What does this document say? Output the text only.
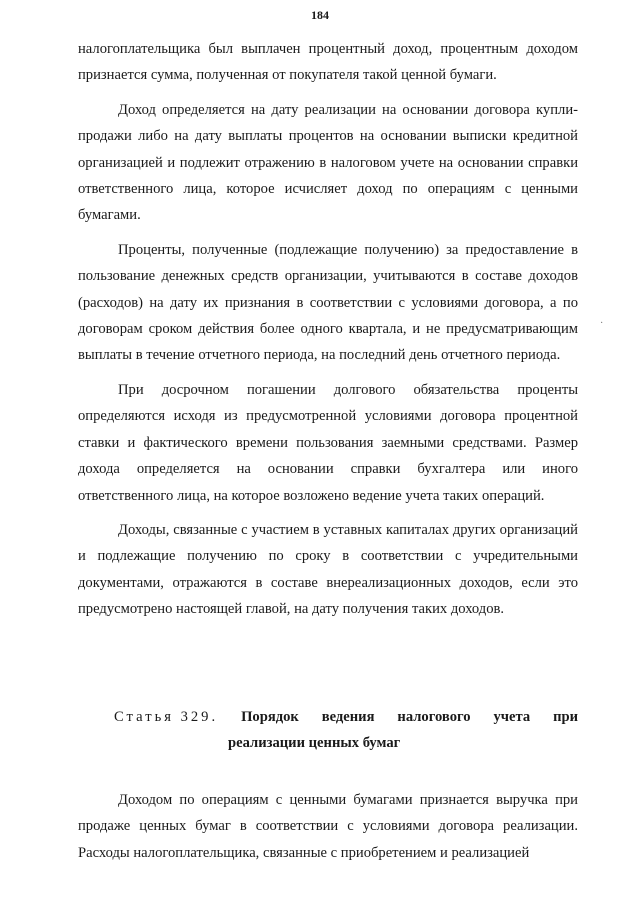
184

налогоплательщика был выплачен процентный доход, процентным доходом признается сумма, полученная от покупателя такой ценной бумаги.

Доход определяется на дату реализации на основании договора купли-продажи либо на дату выплаты процентов на основании выписки кредитной организацией и подлежит отражению в налоговом учете на основании справки ответственного лица, которое исчисляет доход по операциям с ценными бумагами.

Проценты, полученные (подлежащие получению) за предоставление в пользование денежных средств организации, учитываются в составе доходов (расходов) на дату их признания в соответствии с условиями договора, а по договорам сроком действия более одного квартала, и не предусматривающим выплаты в течение отчетного периода, на последний день отчетного периода.

При досрочном погашении долгового обязательства проценты определяются исходя из предусмотренной условиями договора процентной ставки и фактического времени пользования заемными средствами. Размер дохода определяется на основании справки бухгалтера или иного ответственного лица, на которое возложено ведение учета таких операций.

Доходы, связанные с участием в уставных капиталах других организаций и подлежащие получению по сроку в соответствии с учредительными документами, отражаются в составе внереализационных доходов, если это предусмотрено настоящей главой, на дату получения таких доходов.

Статья 329. Порядок ведения налогового учета при
реализации ценных бумаг

Доходом по операциям с ценными бумагами признается выручка при продаже ценных бумаг в соответствии с условиями договора реализации. Расходы налогоплательщика, связанные с приобретением и реализацией

·
